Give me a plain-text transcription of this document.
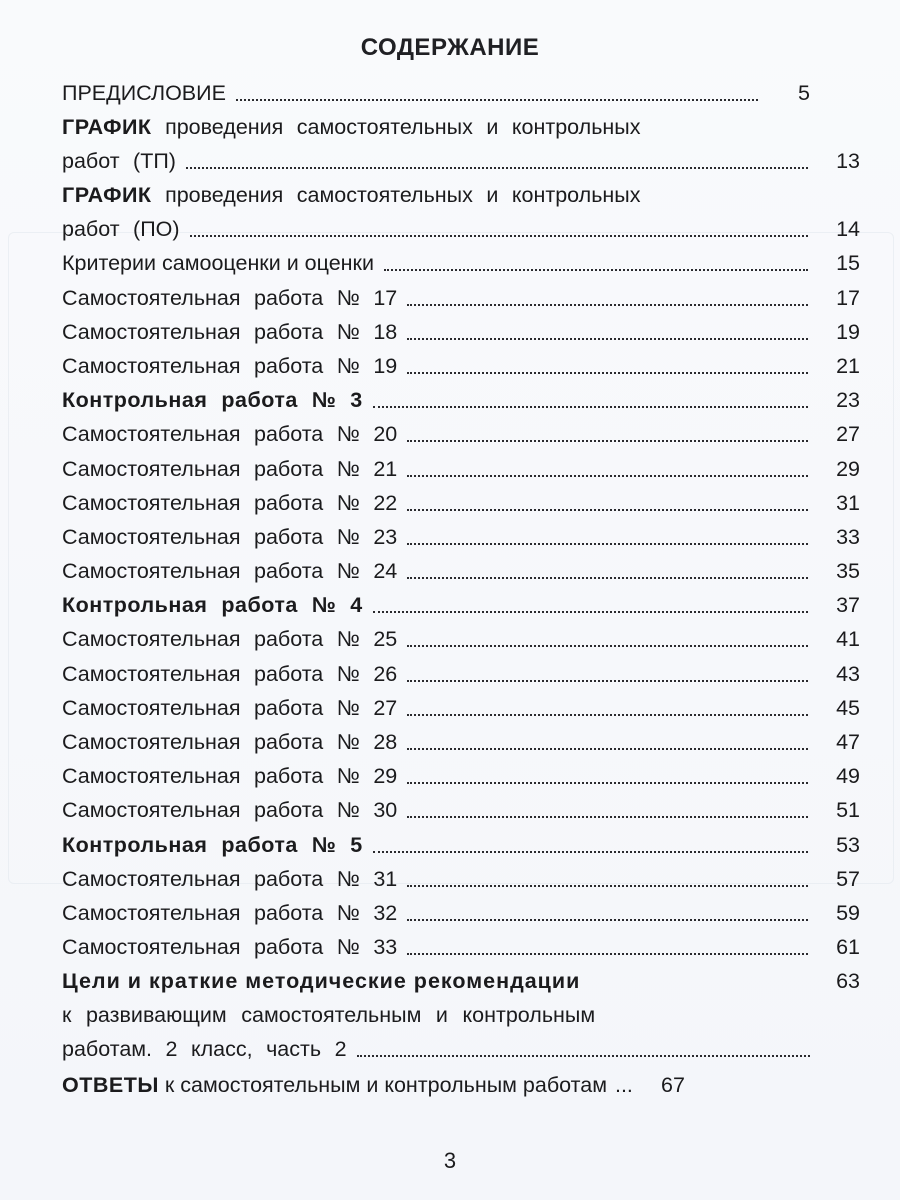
СОДЕРЖАНИЕ
ПРЕДИСЛОВИЕ	5
ГРАФИК проведения самостоятельных и контрольных
работ (ТП)	13
ГРАФИК проведения самостоятельных и контрольных
работ (ПО)	14
Критерии самооценки и оценки	15
Самостоятельная работа № 17	17
Самостоятельная работа № 18	19
Самостоятельная работа № 19	21
Контрольная работа № 3	23
Самостоятельная работа № 20	27
Самостоятельная работа № 21	29
Самостоятельная работа № 22	31
Самостоятельная работа № 23	33
Самостоятельная работа № 24	35
Контрольная работа № 4	37
Самостоятельная работа № 25	41
Самостоятельная работа № 26	43
Самостоятельная работа № 27	45
Самостоятельная работа № 28	47
Самостоятельная работа № 29	49
Самостоятельная работа № 30	51
Контрольная работа № 5	53
Самостоятельная работа № 31	57
Самостоятельная работа № 32	59
Самостоятельная работа № 33	61
Цели и краткие методические рекомендации	63
к развивающим самостоятельным и контрольным
работам. 2 класс, часть 2
ОТВЕТЫ к самостоятельным и контрольным работам ...	67
3
